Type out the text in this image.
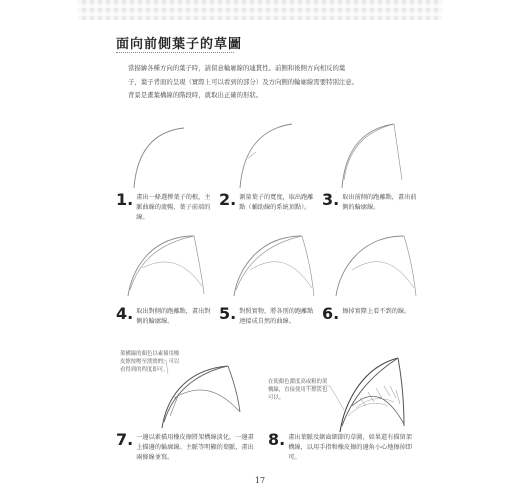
面向前側葉子的草圖

當描繪各種方向的葉子時，請留意輪廓線的連貫性。前側和後側方向相反的葉

子，葉子背面的呈現（實際上可以看到的部分）及方向側的輪廓線需要特別注意。

背景是畫葉構線的階段時，就取出正確的形狀。

1. 畫出一條選擇葉子的根，主脈曲線的流暢、葉子前端的線。
2. 測量葉子的寬度，取出跑離點（輔助線的系統頂點）。 3. 取出前側的跑離點，畫出前側的輪廓線。
4. 取出對側的跑離點，畫出對側的輪廓線。	5. 對照實物，將各別的跑離點連接成自然的曲線。	6. 擦掉實際上看不到的線。
架構線的顏色以素描用橡
皮擦按壓至淡淡的，可以
看得到的程度即可。
在使顏色濃度高或粗的架
構線，直接使用不擦淡也
可以。
7. 一邊以素描用橡皮擦將架構線淡化，一邊畫上描邊的輪廓線。主脈等明顯的葉脈，畫出兩條線並寫。
8. 畫出葉脈及鋸齒細節的草圖，如果還有描留架構線，以用手指和橡皮擦的邊角小心地擦掉即可。
17
